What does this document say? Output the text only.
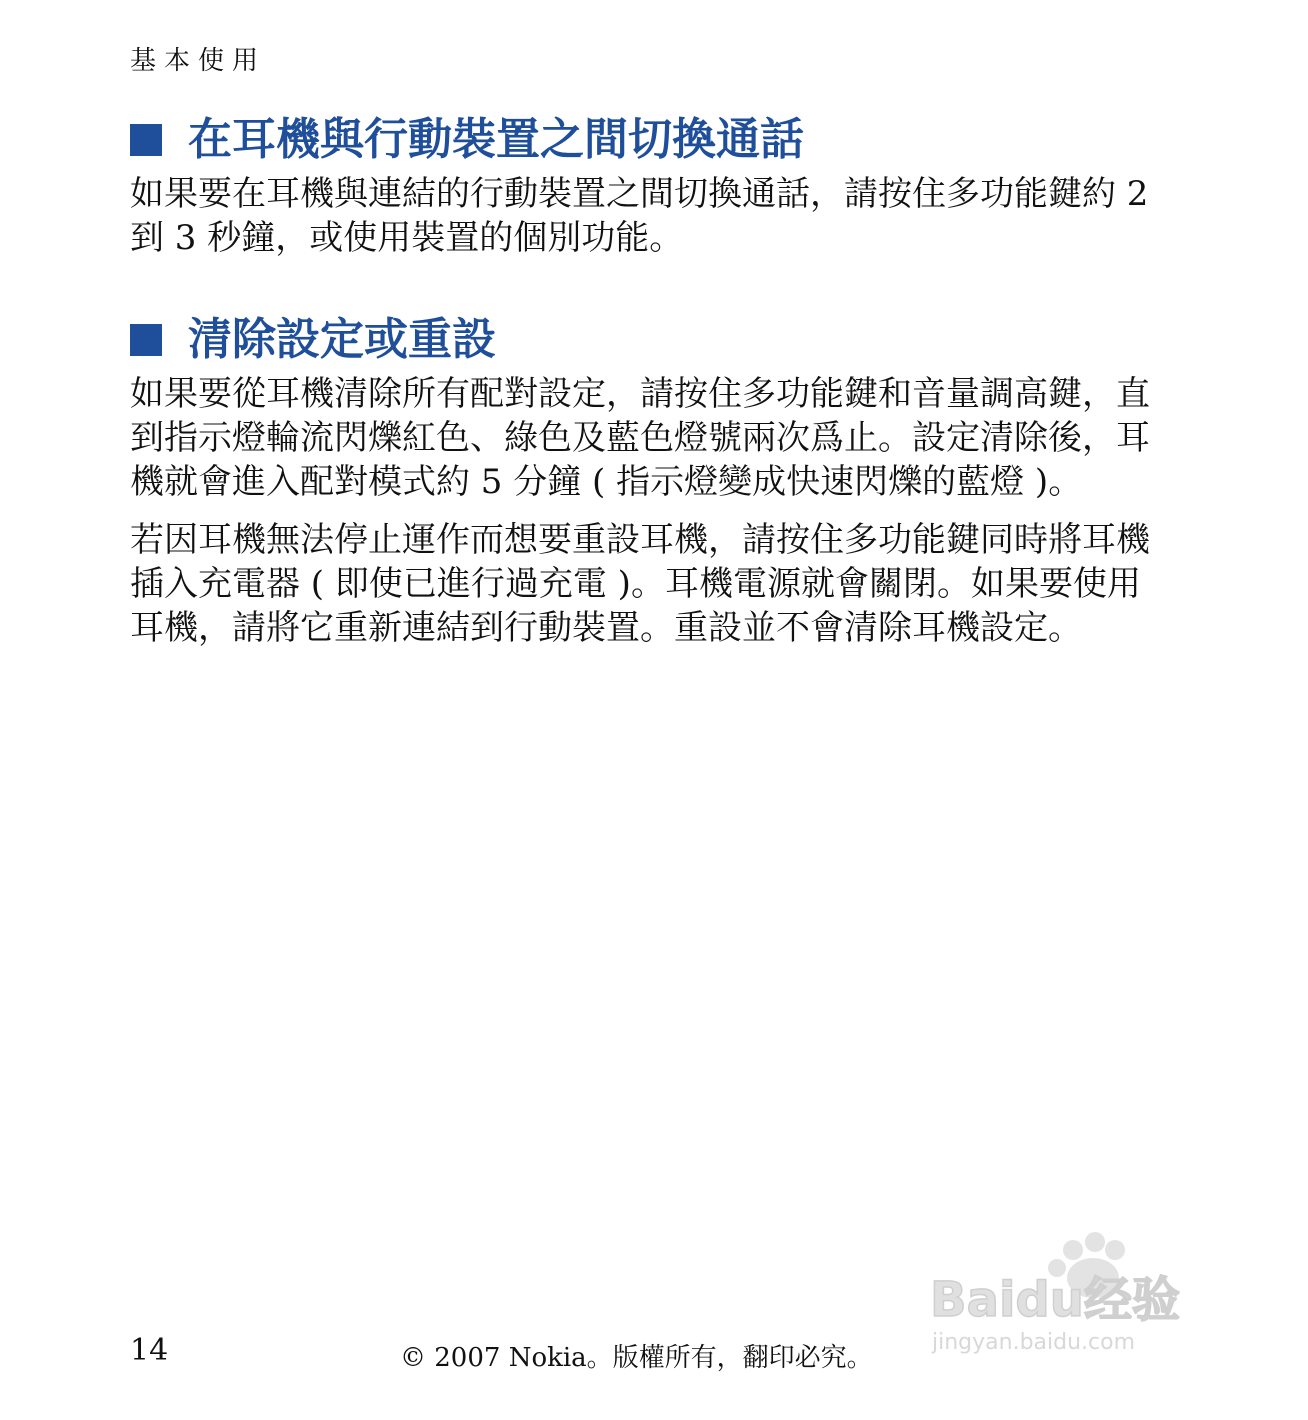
基本使用
在耳機與行動裝置之間切換通話

如果要在耳機與連結的行動裝置之間切換通話，請按住多功能鍵約 2 到 3 秒鐘，或使用裝置的個別功能。

清除設定或重設

如果要從耳機清除所有配對設定，請按住多功能鍵和音量調高鍵，直到指示燈輪流閃爍紅色、綠色及藍色燈號兩次爲止。設定清除後，耳機就會進入配對模式約 5 分鐘 ( 指示燈變成快速閃爍的藍燈 )。

若因耳機無法停止運作而想要重設耳機，請按住多功能鍵同時將耳機插入充電器 ( 即使已進行過充電 )。耳機電源就會關閉。如果要使用耳機，請將它重新連結到行動裝置。重設並不會清除耳機設定。

14	© 2007 Nokia。版權所有，翻印必究。
Baidu经验
jingyan.baidu.com
